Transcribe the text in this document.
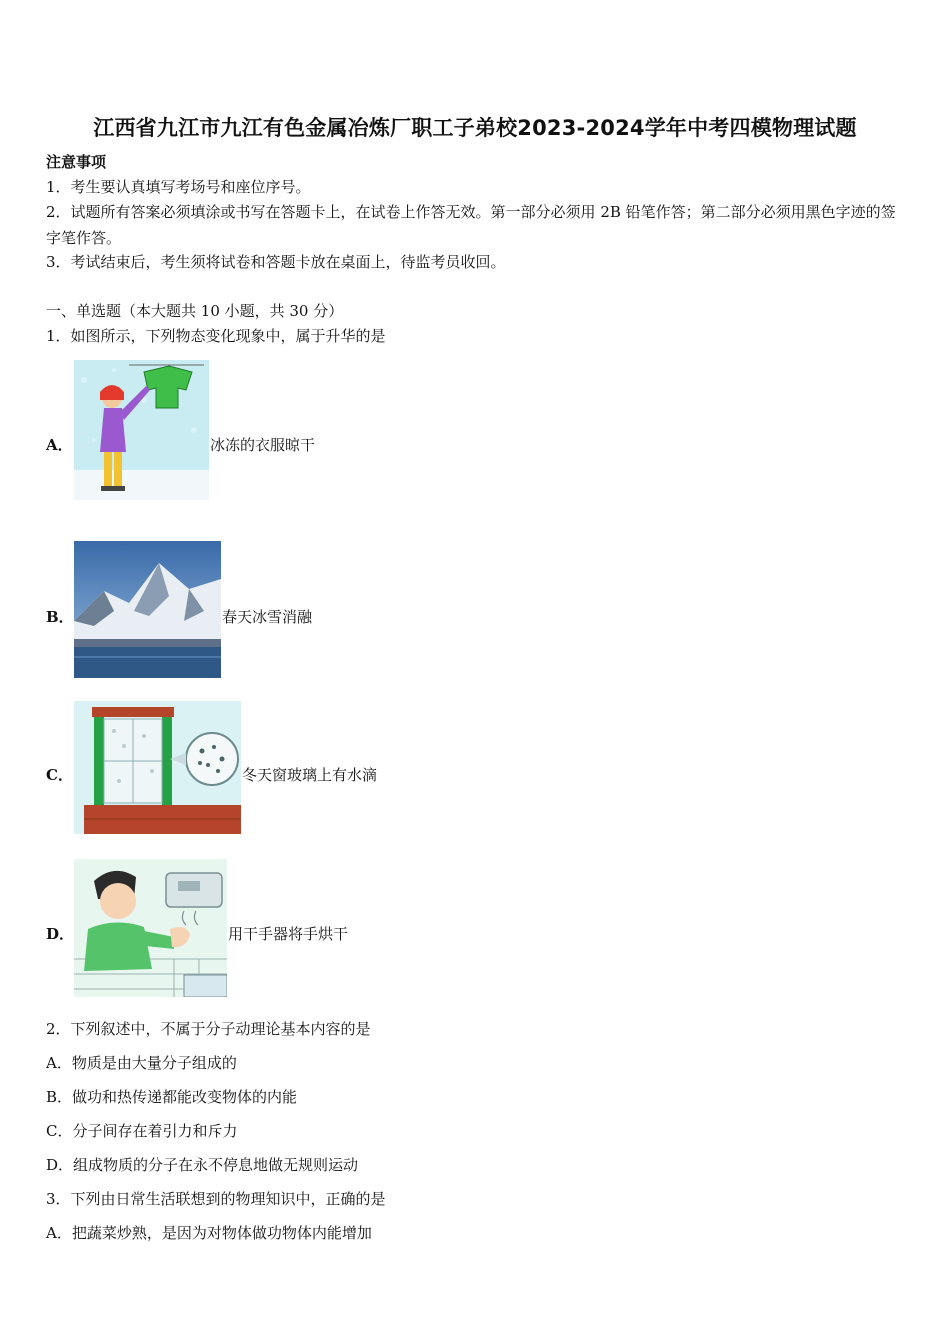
江西省九江市九江有色金属冶炼厂职工子弟校2023-2024学年中考四模物理试题
注意事项
1．考生要认真填写考场号和座位序号。
2．试题所有答案必须填涂或书写在答题卡上，在试卷上作答无效。第一部分必须用 2B 铅笔作答；第二部分必须用黑色字迹的签字笔作答。
3．考试结束后，考生须将试卷和答题卡放在桌面上，待监考员收回。
一、单选题（本大题共 10 小题，共 30 分）
1．如图所示，下列物态变化现象中，属于升华的是
A．	冰冻的衣服晾干
B．	春天冰雪消融
C．	冬天窗玻璃上有水滴
D．	用干手器将手烘干
2．下列叙述中，不属于分子动理论基本内容的是
A．物质是由大量分子组成的
B．做功和热传递都能改变物体的内能
C．分子间存在着引力和斥力
D．组成物质的分子在永不停息地做无规则运动
3．下列由日常生活联想到的物理知识中，正确的是
A．把蔬菜炒熟，是因为对物体做功物体内能增加
